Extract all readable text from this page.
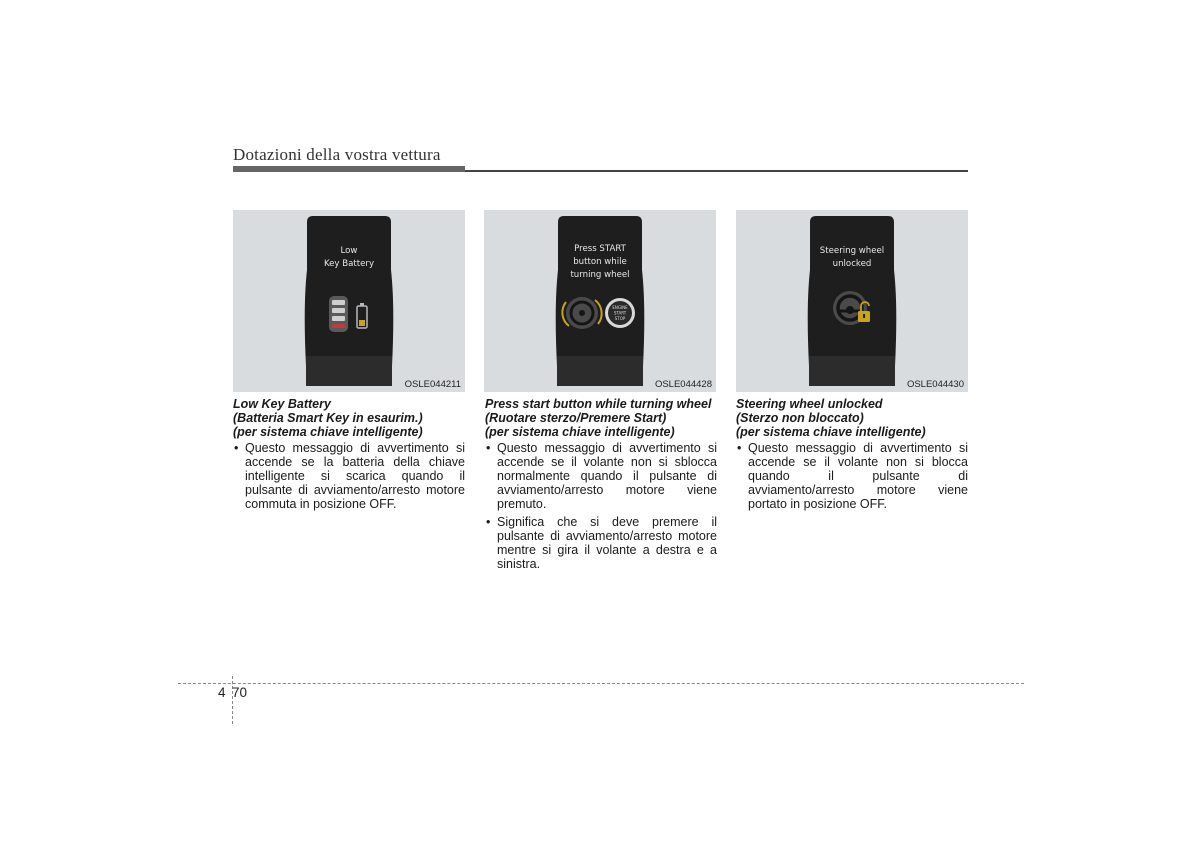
Dotazioni della vostra vettura
Low
Key Battery
OSLE044211
Press START
button while
turning wheel
ENGINE
START
STOP
OSLE044428
Steering wheel
unlocked
OSLE044430
Low Key Battery
(Batteria Smart Key in esaurim.)
(per sistema chiave intelligente)
• Questo messaggio di avvertimento si accende se la batteria della chiave intelligente si scarica quando il pulsante di avviamento/arresto motore commuta in posizione OFF.
Press start button while turning wheel
(Ruotare sterzo/Premere Start)
(per sistema chiave intelligente)
• Questo messaggio di avvertimento si accende se il volante non si sblocca normalmente quando il pulsante di avviamento/arresto motore viene premuto.
• Significa che si deve premere il pulsante di avviamento/arresto motore mentre si gira il volante a destra e a sinistra.
Steering wheel unlocked
(Sterzo non bloccato)
(per sistema chiave intelligente)
• Questo messaggio di avvertimento si accende se il volante non si blocca quando il pulsante di avviamento/arresto motore viene portato in posizione OFF.
4 70
